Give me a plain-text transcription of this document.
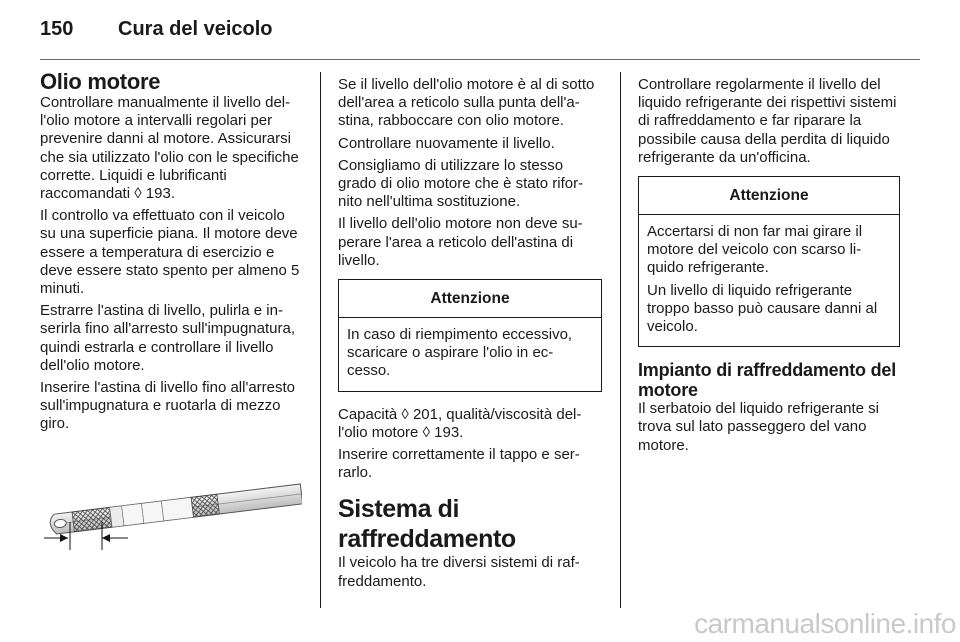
150 Cura del veicolo
Olio motore
Controllare manualmente il livello dell'olio motore a intervalli regolari per prevenire danni al motore. Assicurarsi che sia utilizzato l'olio con le specifiche corrette. Liquidi e lubrificanti raccomandati ◊ 193.
Il controllo va effettuato con il veicolo su una superficie piana. Il motore deve essere a temperatura di esercizio e deve essere stato spento per almeno 5 minuti.
Estrarre l'astina di livello, pulirla e inserirla fino all'arresto sull'impugnatura, quindi estrarla e controllare il livello dell'olio motore.
Inserire l'astina di livello fino all'arresto sull'impugnatura e ruotarla di mezzo giro.
Se il livello dell'olio motore è al di sotto dell'area a reticolo sulla punta dell'astina, rabboccare con olio motore.
Controllare nuovamente il livello.
Consigliamo di utilizzare lo stesso grado di olio motore che è stato rifornito nell'ultima sostituzione.
Il livello dell'olio motore non deve superare l'area a reticolo dell'astina di livello.
Attenzione
In caso di riempimento eccessivo, scaricare o aspirare l'olio in eccesso.
Capacità ◊ 201, qualità/viscosità dell'olio motore ◊ 193.
Inserire correttamente il tappo e serrarlo.
Sistema di raffreddamento
Il veicolo ha tre diversi sistemi di raffreddamento.
Controllare regolarmente il livello del liquido refrigerante dei rispettivi sistemi di raffreddamento e far riparare la possibile causa della perdita di liquido refrigerante da un'officina.
Attenzione
Accertarsi di non far mai girare il motore del veicolo con scarso liquido refrigerante.
Un livello di liquido refrigerante troppo basso può causare danni al veicolo.
Impianto di raffreddamento del motore
Il serbatoio del liquido refrigerante si trova sul lato passeggero del vano motore.
carmanualsonline.info
